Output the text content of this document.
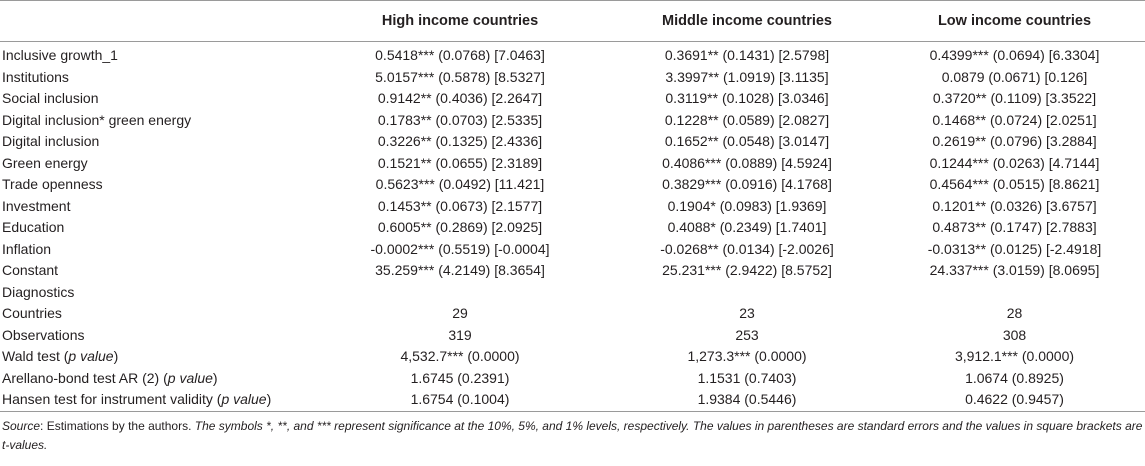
	High income countries	Middle income countries	Low income countries
Inclusive growth_1	0.5418*** (0.0768) [7.0463]	0.3691** (0.1431) [2.5798]	0.4399*** (0.0694) [6.3304]
Institutions	5.0157*** (0.5878) [8.5327]	3.3997** (1.0919) [3.1135]	0.0879 (0.0671) [0.126]
Social inclusion	0.9142** (0.4036) [2.2647]	0.3119** (0.1028) [3.0346]	0.3720** (0.1109) [3.3522]
Digital inclusion* green energy	0.1783** (0.0703) [2.5335]	0.1228** (0.0589) [2.0827]	0.1468** (0.0724) [2.0251]
Digital inclusion	0.3226** (0.1325) [2.4336]	0.1652** (0.0548) [3.0147]	0.2619** (0.0796) [3.2884]
Green energy	0.1521** (0.0655) [2.3189]	0.4086*** (0.0889) [4.5924]	0.1244*** (0.0263) [4.7144]
Trade openness	0.5623*** (0.0492) [11.421]	0.3829*** (0.0916) [4.1768]	0.4564*** (0.0515) [8.8621]
Investment	0.1453** (0.0673) [2.1577]	0.1904* (0.0983) [1.9369]	0.1201** (0.0326) [3.6757]
Education	0.6005** (0.2869) [2.0925]	0.4088* (0.2349) [1.7401]	0.4873** (0.1747) [2.7883]
Inflation	-0.0002*** (0.5519) [-0.0004]	-0.0268** (0.0134) [-2.0026]	-0.0313** (0.0125) [-2.4918]
Constant	35.259*** (4.2149) [8.3654]	25.231*** (2.9422) [8.5752]	24.337*** (3.0159) [8.0695]
Diagnostics			
Countries	29	23	28
Observations	319	253	308
Wald test (p value)	4,532.7*** (0.0000)	1,273.3*** (0.0000)	3,912.1*** (0.0000)
Arellano-bond test AR (2) (p value)	1.6745 (0.2391)	1.1531 (0.7403)	1.0674 (0.8925)
Hansen test for instrument validity (p value)	1.6754 (0.1004)	1.9384 (0.5446)	0.4622 (0.9457)
Source: Estimations by the authors. The symbols *, **, and *** represent significance at the 10%, 5%, and 1% levels, respectively. The values in parentheses are standard errors and the values in square brackets are t-values.
